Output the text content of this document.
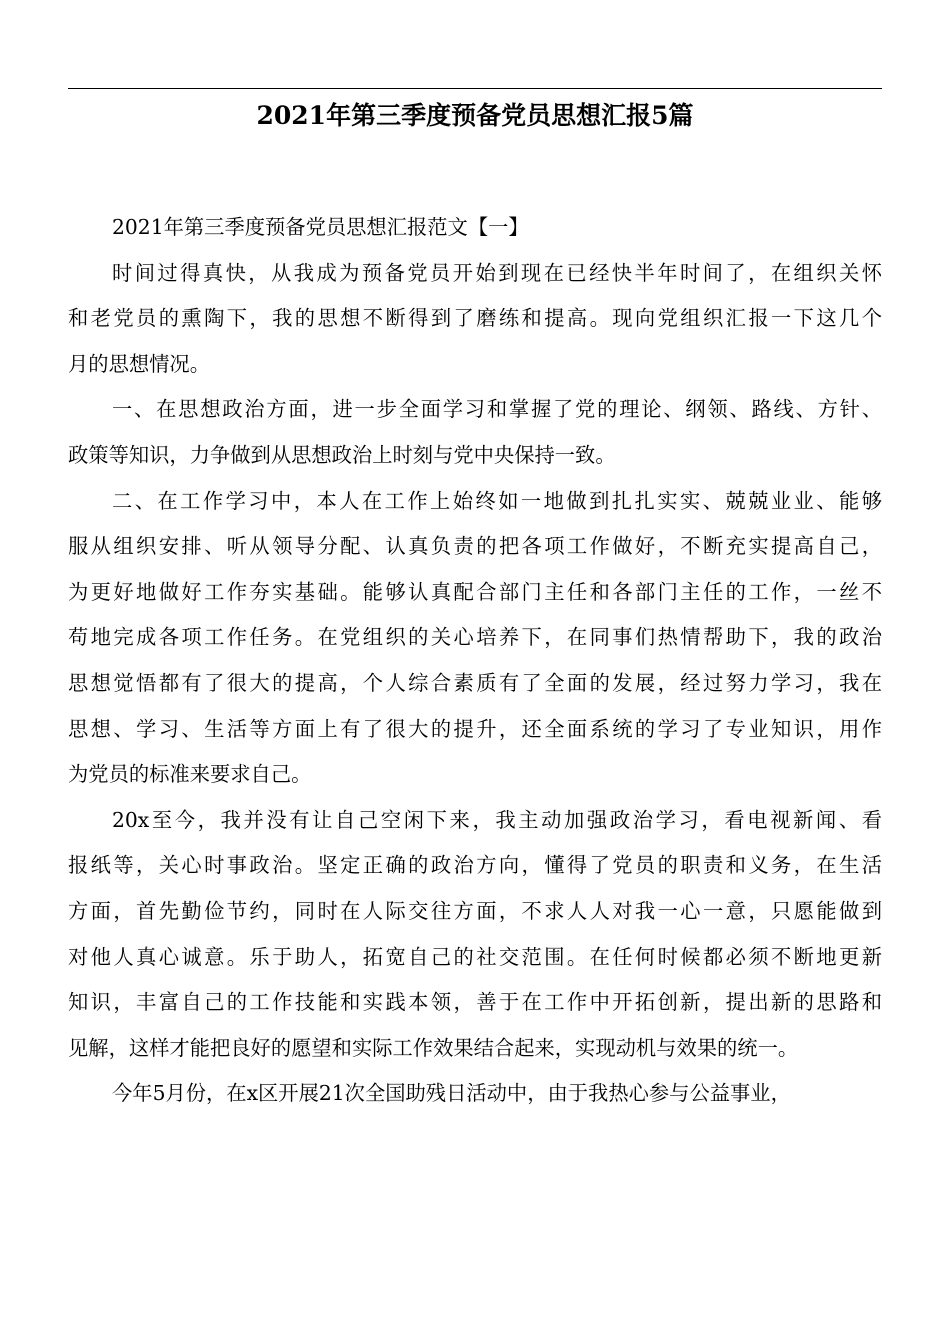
2021年第三季度预备党员思想汇报5篇
2021年第三季度预备党员思想汇报范文【一】
时间过得真快，从我成为预备党员开始到现在已经快半年时间了，在组织关怀
和老党员的熏陶下，我的思想不断得到了磨练和提高。现向党组织汇报一下这几个
月的思想情况。
一、在思想政治方面，进一步全面学习和掌握了党的理论、纲领、路线、方针、
政策等知识，力争做到从思想政治上时刻与党中央保持一致。
二、在工作学习中，本人在工作上始终如一地做到扎扎实实、兢兢业业、能够
服从组织安排、听从领导分配、认真负责的把各项工作做好，不断充实提高自己，
为更好地做好工作夯实基础。能够认真配合部门主任和各部门主任的工作，一丝不
苟地完成各项工作任务。在党组织的关心培养下，在同事们热情帮助下，我的政治
思想觉悟都有了很大的提高，个人综合素质有了全面的发展，经过努力学习，我在
思想、学习、生活等方面上有了很大的提升，还全面系统的学习了专业知识，用作
为党员的标准来要求自己。
20x至今，我并没有让自己空闲下来，我主动加强政治学习，看电视新闻、看
报纸等，关心时事政治。坚定正确的政治方向，懂得了党员的职责和义务，在生活
方面，首先勤俭节约，同时在人际交往方面，不求人人对我一心一意，只愿能做到
对他人真心诚意。乐于助人，拓宽自己的社交范围。在任何时候都必须不断地更新
知识，丰富自己的工作技能和实践本领，善于在工作中开拓创新，提出新的思路和
见解，这样才能把良好的愿望和实际工作效果结合起来，实现动机与效果的统一。
今年5月份，在x区开展21次全国助残日活动中，由于我热心参与公益事业，
